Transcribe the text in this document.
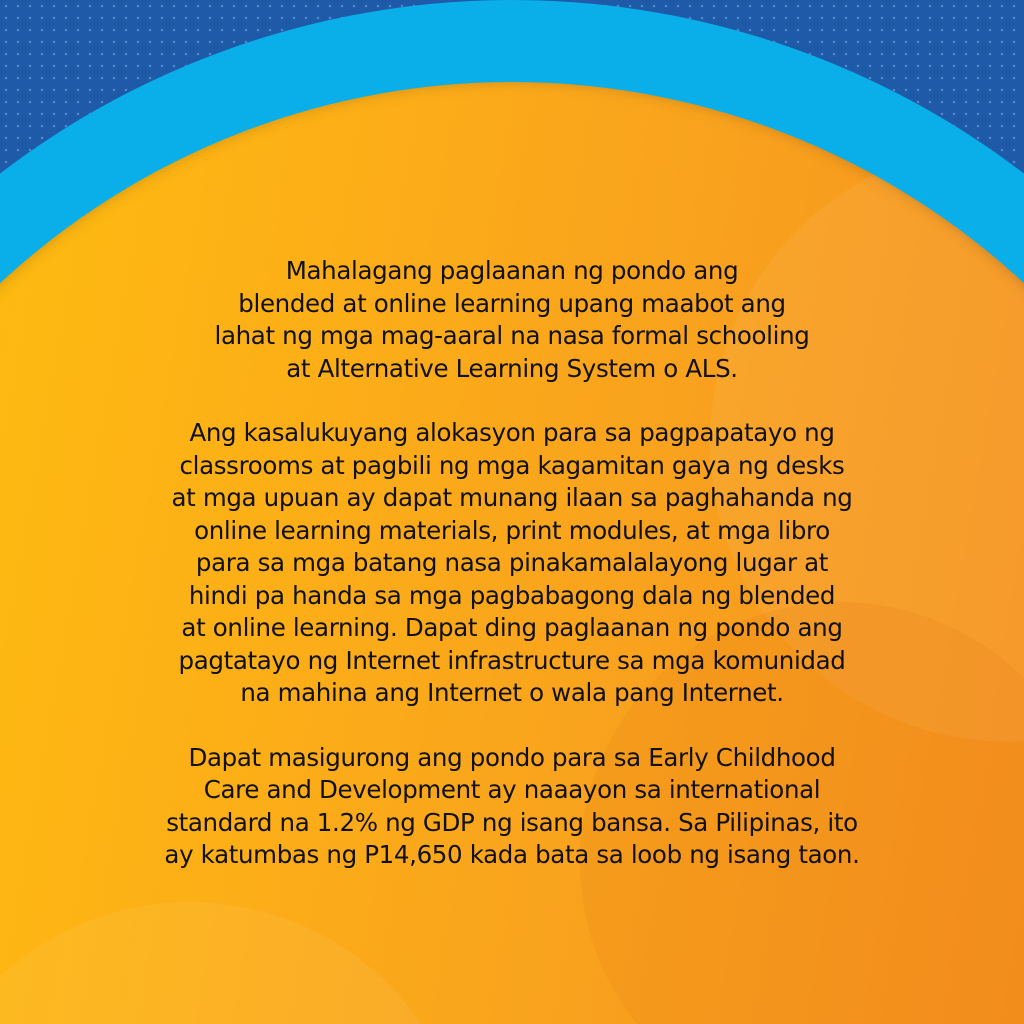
Mahalagang paglaanan ng pondo ang
blended at online learning upang maabot ang
lahat ng mga mag-aaral na nasa formal schooling
at Alternative Learning System o ALS.

Ang kasalukuyang alokasyon para sa pagpapatayo ng
classrooms at pagbili ng mga kagamitan gaya ng desks
at mga upuan ay dapat munang ilaan sa paghahanda ng
online learning materials, print modules, at mga libro
para sa mga batang nasa pinakamalalayong lugar at
hindi pa handa sa mga pagbabagong dala ng blended
at online learning. Dapat ding paglaanan ng pondo ang
pagtatayo ng Internet infrastructure sa mga komunidad
na mahina ang Internet o wala pang Internet.

Dapat masigurong ang pondo para sa Early Childhood
Care and Development ay naaayon sa international
standard na 1.2% ng GDP ng isang bansa. Sa Pilipinas, ito
ay katumbas ng P14,650 kada bata sa loob ng isang taon.
